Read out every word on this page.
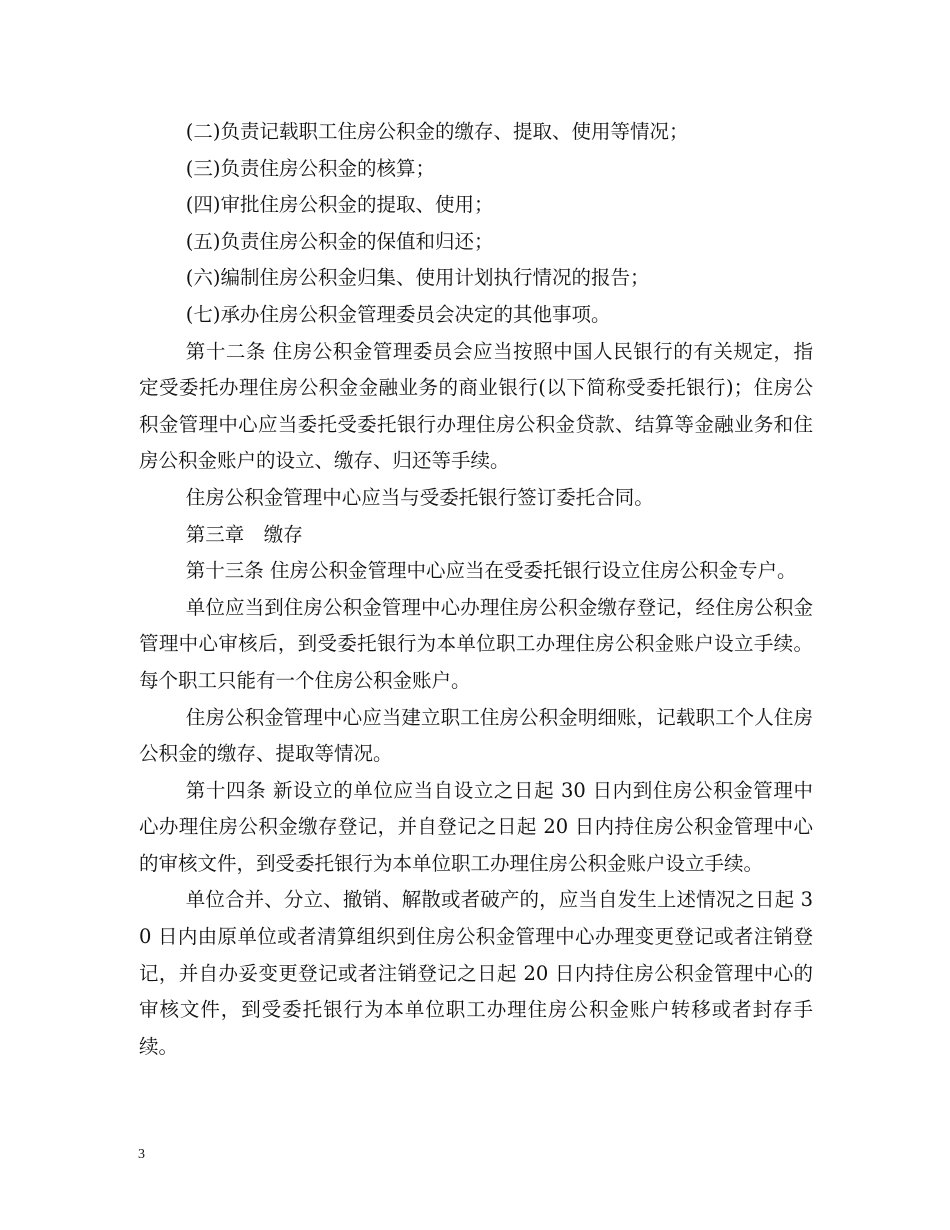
(二)负责记载职工住房公积金的缴存、提取、使用等情况；

(三)负责住房公积金的核算；

(四)审批住房公积金的提取、使用；

(五)负责住房公积金的保值和归还；

(六)编制住房公积金归集、使用计划执行情况的报告；

(七)承办住房公积金管理委员会决定的其他事项。

第十二条 住房公积金管理委员会应当按照中国人民银行的有关规定，指定受委托办理住房公积金金融业务的商业银行(以下简称受委托银行)；住房公积金管理中心应当委托受委托银行办理住房公积金贷款、结算等金融业务和住房公积金账户的设立、缴存、归还等手续。

住房公积金管理中心应当与受委托银行签订委托合同。

第三章　缴存

第十三条 住房公积金管理中心应当在受委托银行设立住房公积金专户。

单位应当到住房公积金管理中心办理住房公积金缴存登记，经住房公积金管理中心审核后，到受委托银行为本单位职工办理住房公积金账户设立手续。每个职工只能有一个住房公积金账户。

住房公积金管理中心应当建立职工住房公积金明细账，记载职工个人住房公积金的缴存、提取等情况。

第十四条 新设立的单位应当自设立之日起 30 日内到住房公积金管理中心办理住房公积金缴存登记，并自登记之日起 20 日内持住房公积金管理中心的审核文件，到受委托银行为本单位职工办理住房公积金账户设立手续。

单位合并、分立、撤销、解散或者破产的，应当自发生上述情况之日起 30 日内由原单位或者清算组织到住房公积金管理中心办理变更登记或者注销登记，并自办妥变更登记或者注销登记之日起 20 日内持住房公积金管理中心的审核文件，到受委托银行为本单位职工办理住房公积金账户转移或者封存手续。

3
